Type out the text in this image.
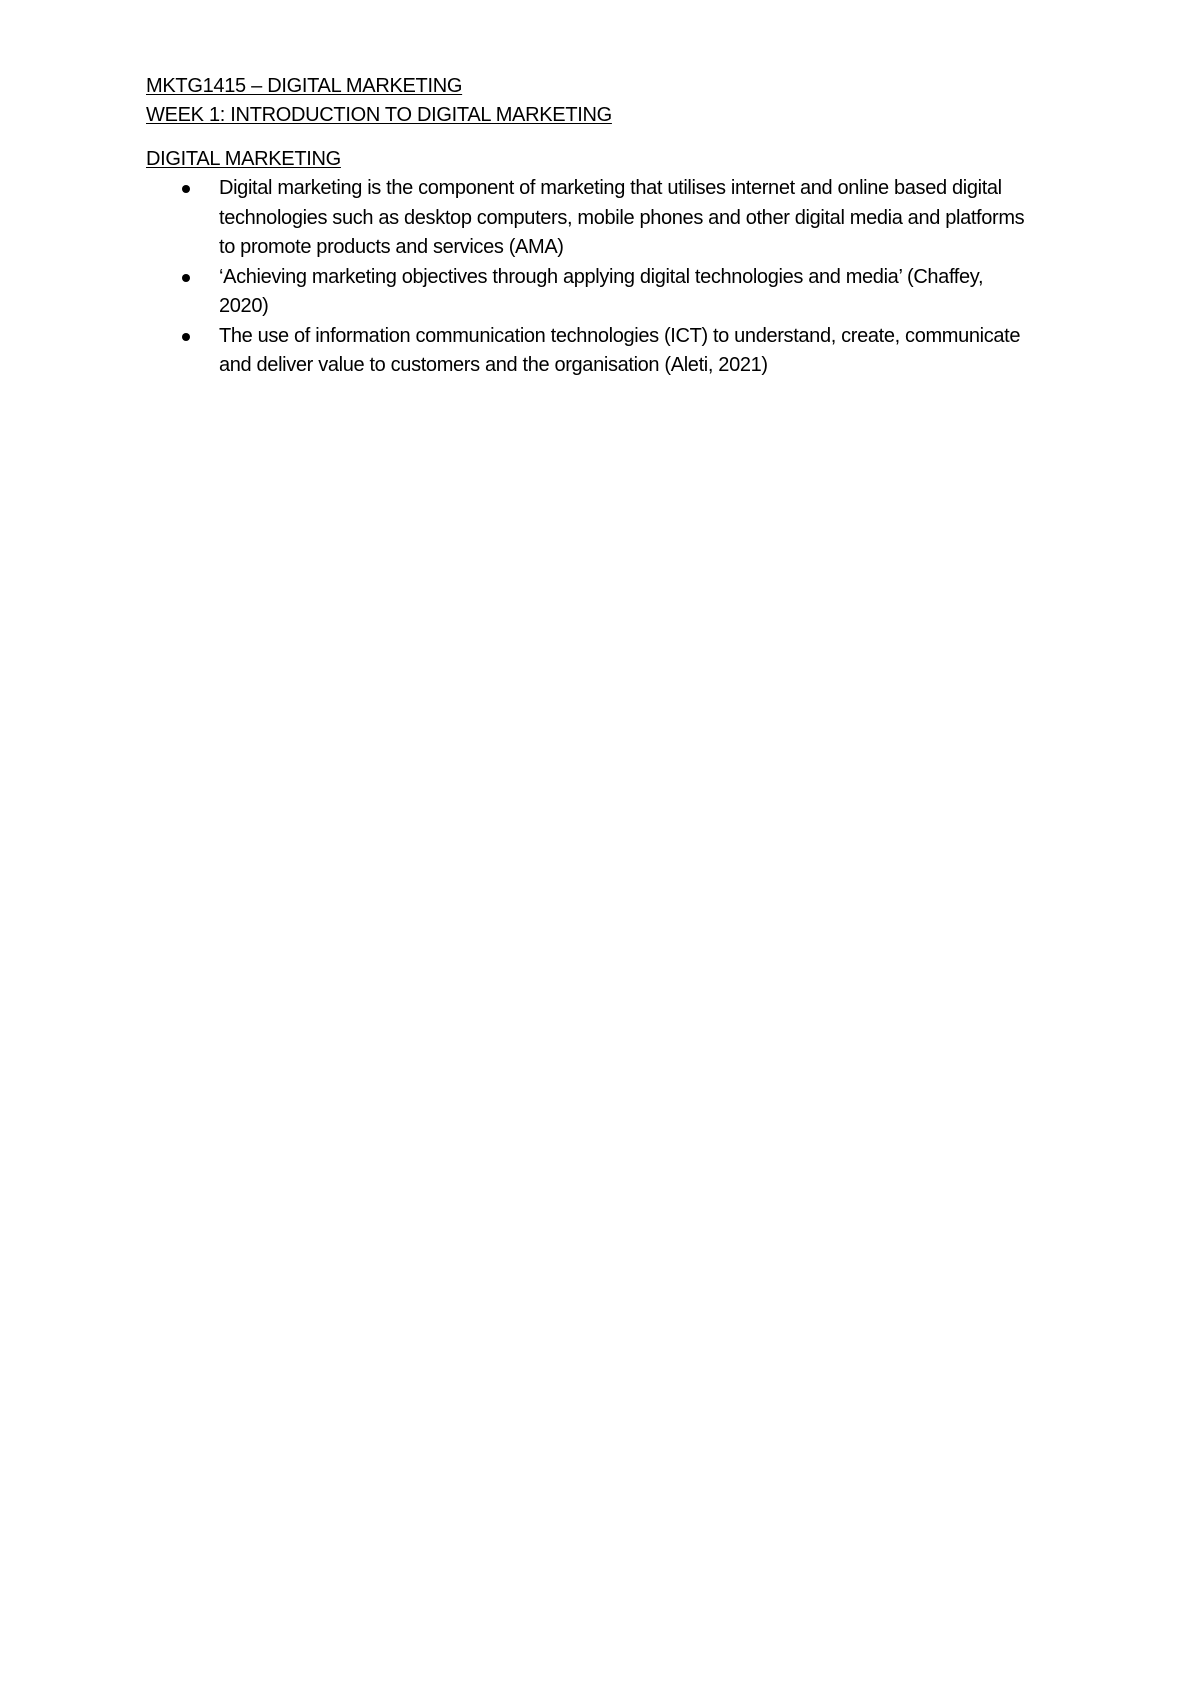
MKTG1415 – DIGITAL MARKETING
WEEK 1: INTRODUCTION TO DIGITAL MARKETING
DIGITAL MARKETING
Digital marketing is the component of marketing that utilises internet and online based digital technologies such as desktop computers, mobile phones and other digital media and platforms to promote products and services (AMA)
‘Achieving marketing objectives through applying digital technologies and media’ (Chaffey, 2020)
The use of information communication technologies (ICT) to understand, create, communicate and deliver value to customers and the organisation (Aleti, 2021)
